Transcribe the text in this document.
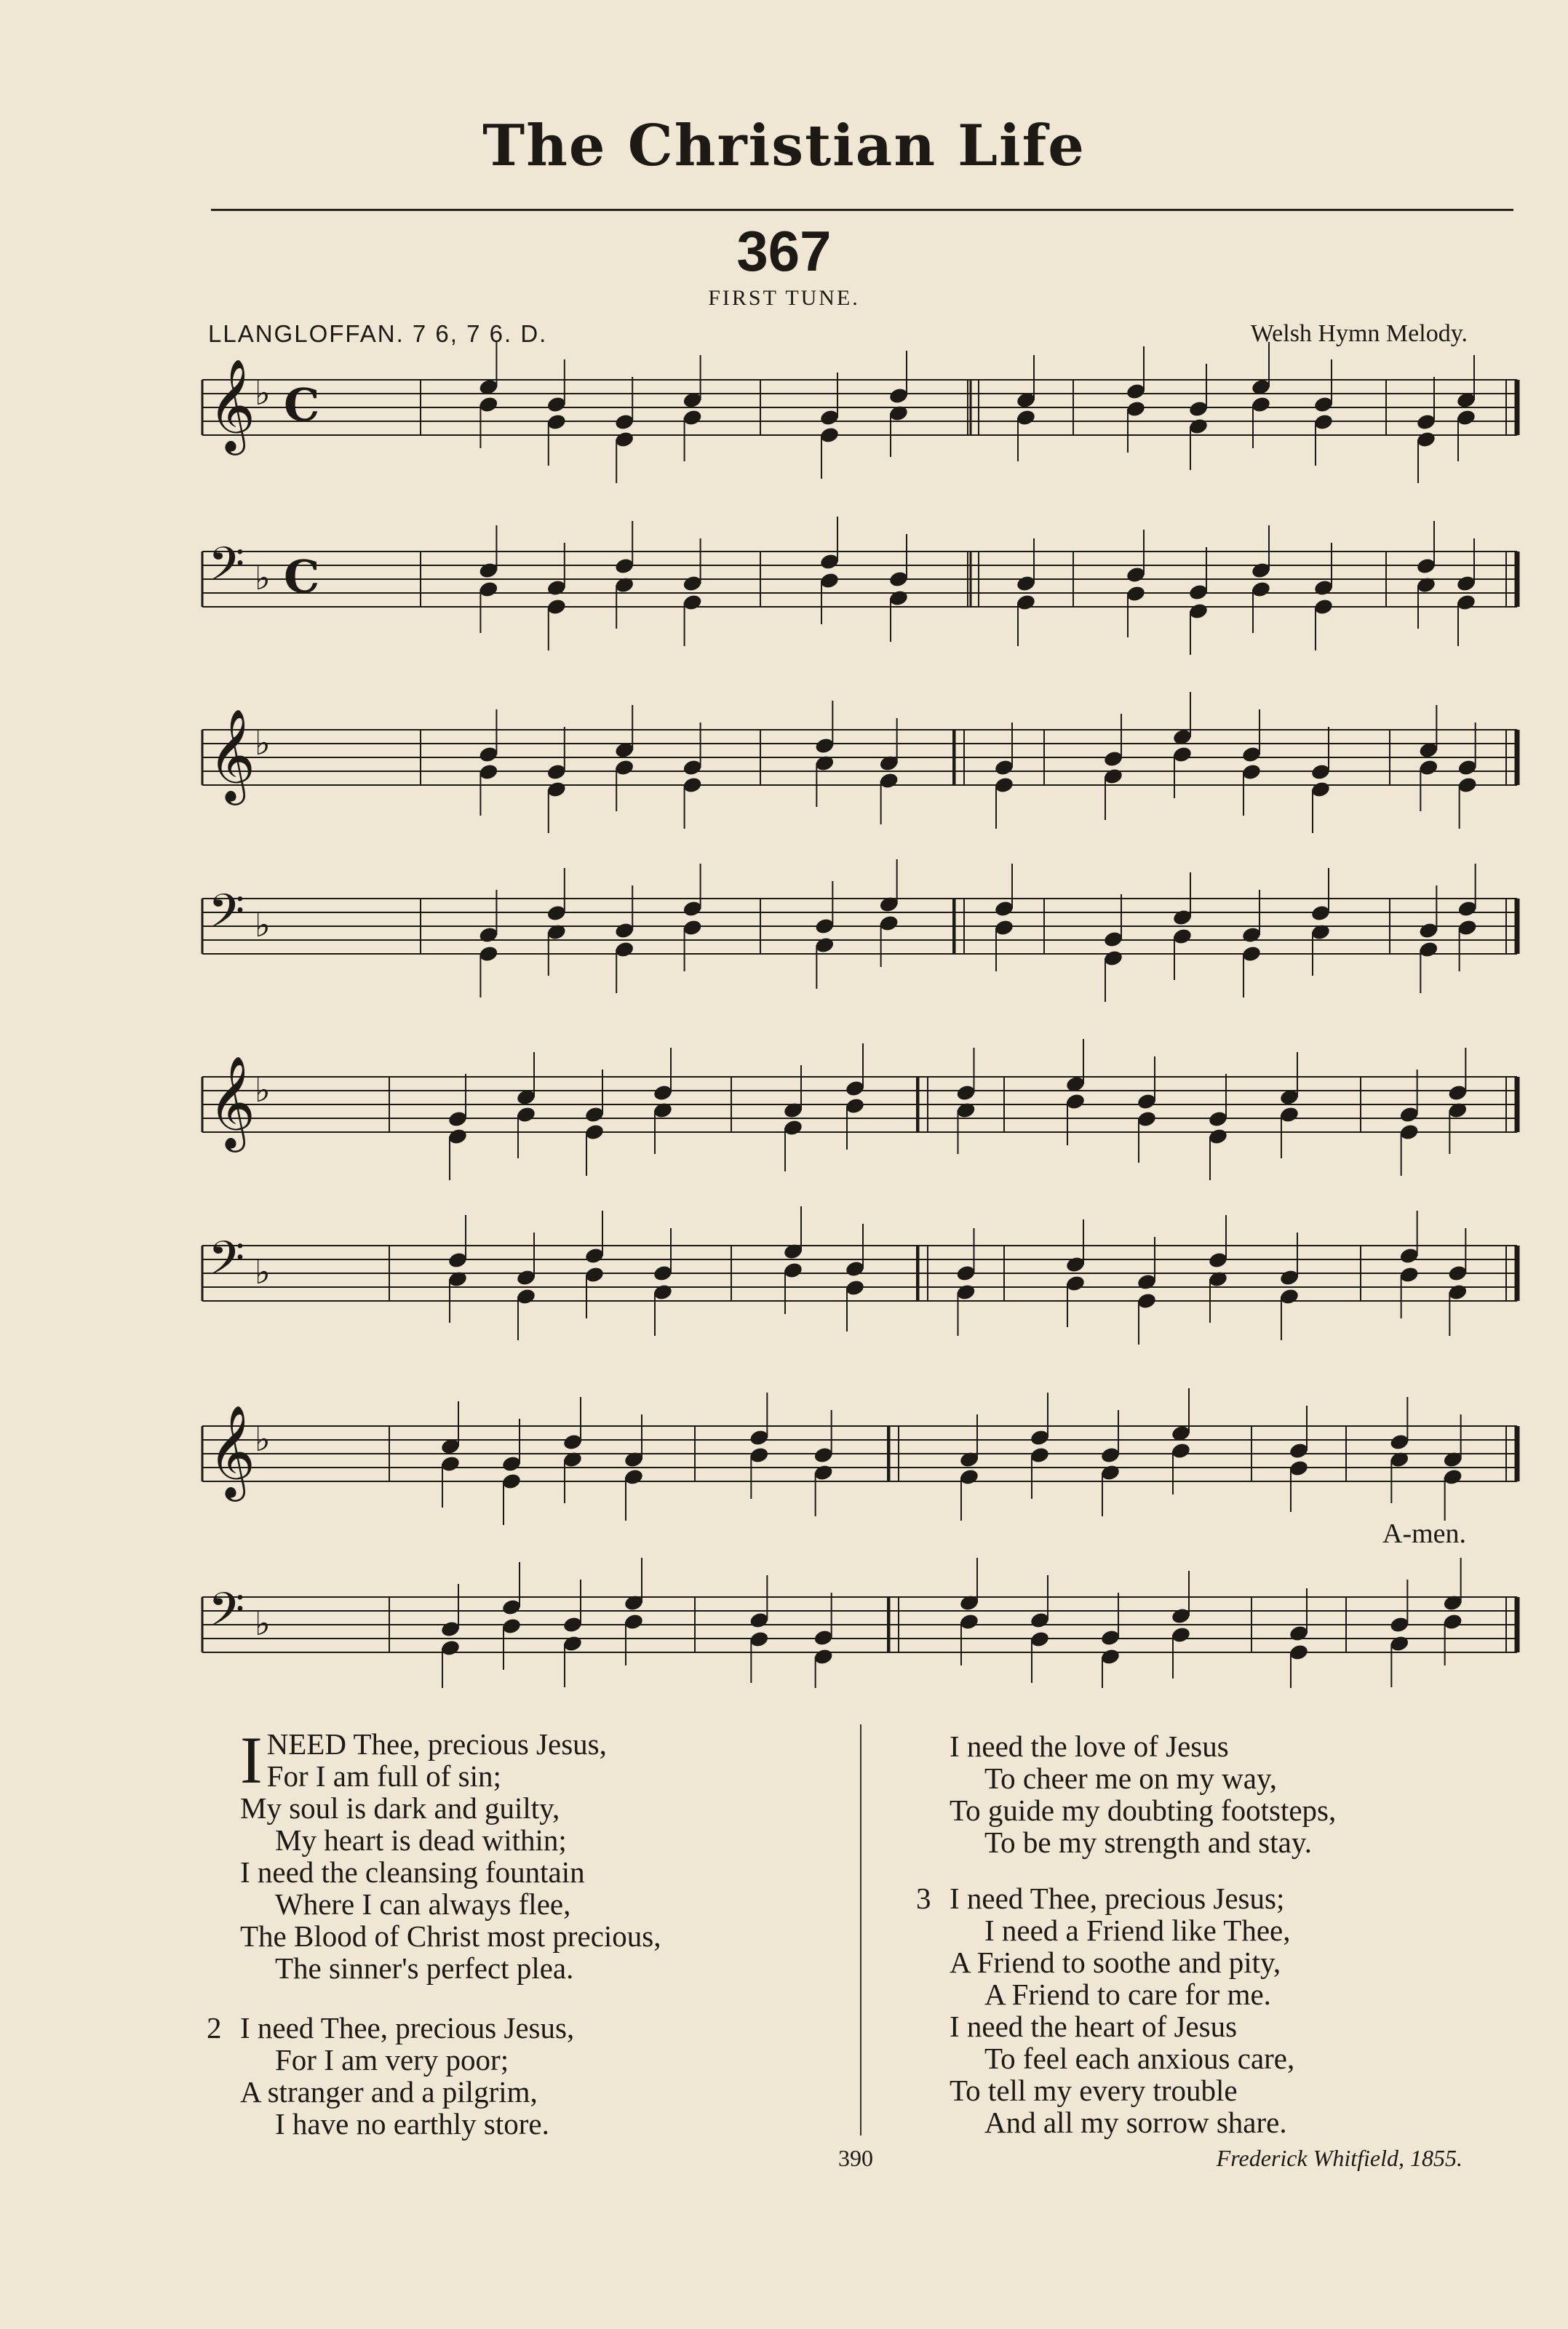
The Christian Life
367
FIRST TUNE.
LLANGLOFFAN. 7 6, 7 6. D.	Welsh Hymn Melody.
𝄞
♭ C
𝄢 ♭ C
𝄞
♭
𝄢 ♭
𝄞
♭
𝄢 ♭
𝄞
♭
𝄢 ♭
A-men.
I NEED Thee, precious Jesus,
For I am full of sin;
My soul is dark and guilty,
My heart is dead within;
I need the cleansing fountain
Where I can always flee,
The Blood of Christ most precious,
The sinner's perfect plea.
2 I need Thee, precious Jesus,
For I am very poor;
A stranger and a pilgrim,
I have no earthly store.
I need the love of Jesus
To cheer me on my way,
To guide my doubting footsteps,
To be my strength and stay.
3 I need Thee, precious Jesus;
I need a Friend like Thee,
A Friend to soothe and pity,
A Friend to care for me.
I need the heart of Jesus
To feel each anxious care,
To tell my every trouble
And all my sorrow share.
390	Frederick Whitfield, 1855.
